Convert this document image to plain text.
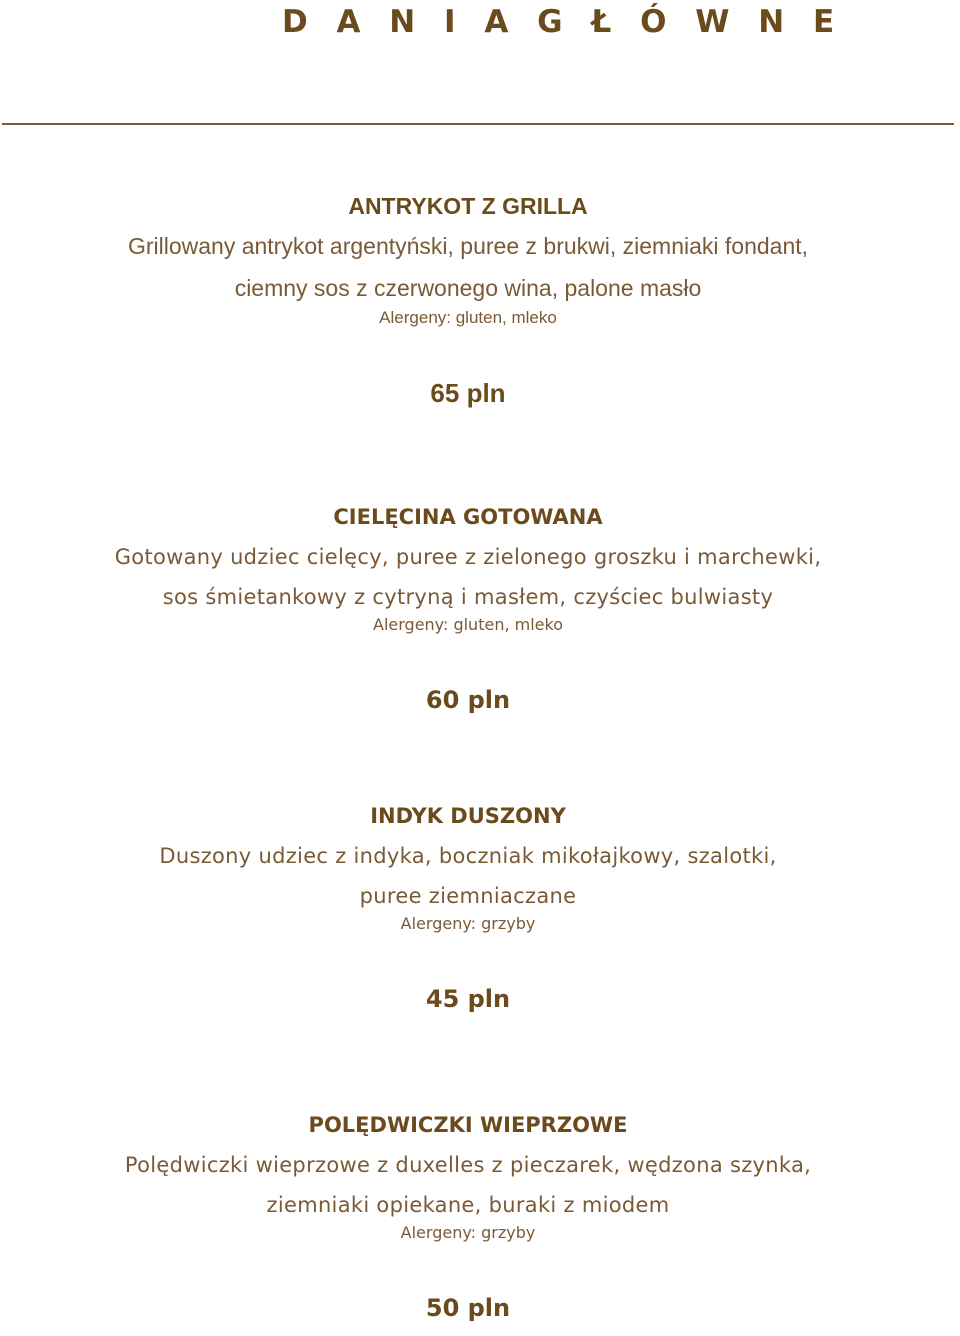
D A N I A G Ł Ó W N E
ANTRYKOT Z GRILLA
Grillowany antrykot argentyński, puree z brukwi, ziemniaki fondant,
ciemny sos z czerwonego wina, palone masło
Alergeny: gluten, mleko
65 pln
CIELĘCINA GOTOWANA
Gotowany udziec cielęcy, puree z zielonego groszku i marchewki,
sos śmietankowy z cytryną i masłem, czyściec bulwiasty
Alergeny: gluten, mleko
60 pln
INDYK DUSZONY
Duszony udziec z indyka, boczniak mikołajkowy, szalotki,
puree ziemniaczane
Alergeny: grzyby
45 pln
POLĘDWICZKI WIEPRZOWE
Polędwiczki wieprzowe z duxelles z pieczarek, wędzona szynka,
ziemniaki opiekane, buraki z miodem
Alergeny: grzyby
50 pln
